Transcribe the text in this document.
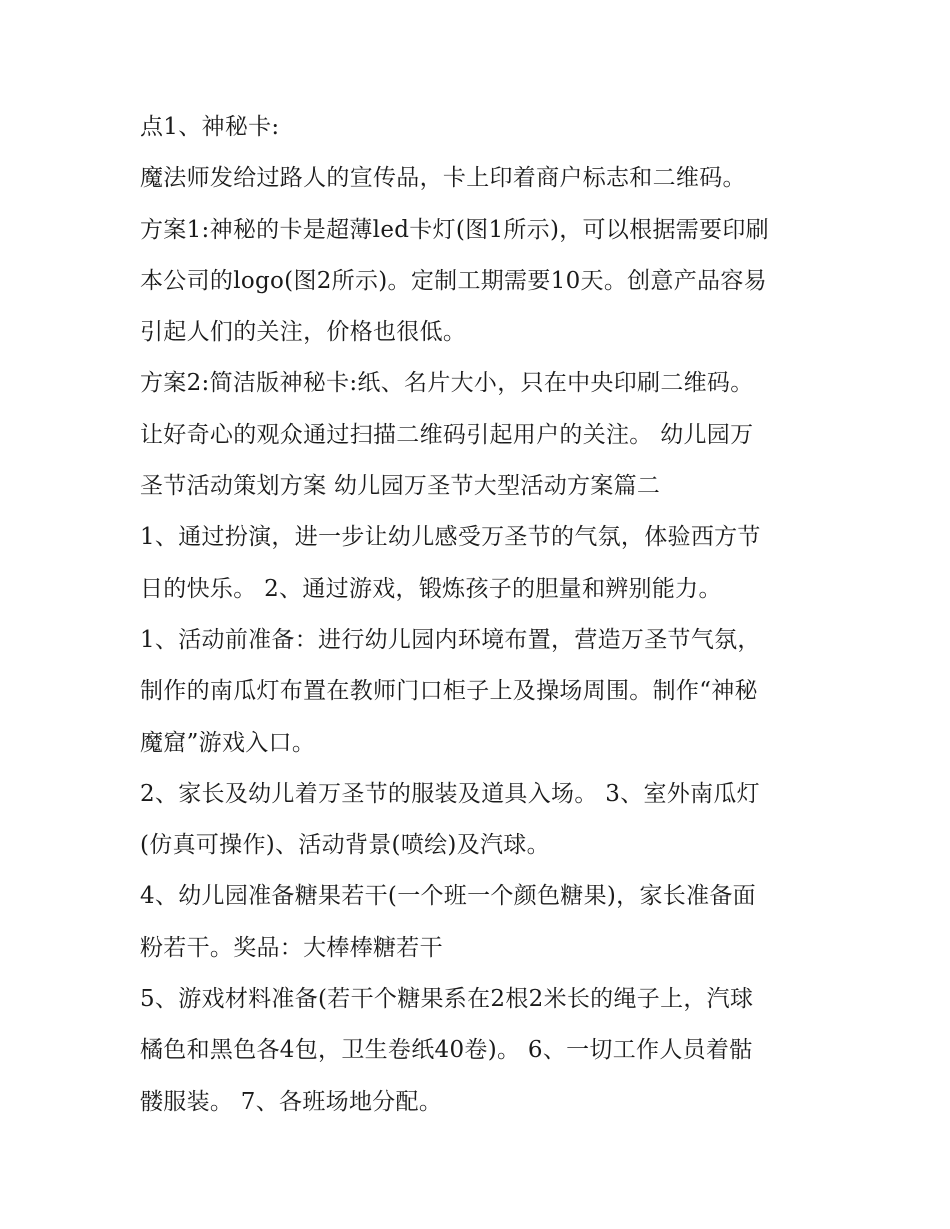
点1、神秘卡:

魔法师发给过路人的宣传品，卡上印着商户标志和二维码。

方案1:神秘的卡是超薄led卡灯(图1所示)，可以根据需要印刷
本公司的logo(图2所示)。定制工期需要10天。创意产品容易
引起人们的关注，价格也很低。

方案2:简洁版神秘卡:纸、名片大小，只在中央印刷二维码。
让好奇心的观众通过扫描二维码引起用户的关注。 幼儿园万
圣节活动策划方案 幼儿园万圣节大型活动方案篇二

1、通过扮演，进一步让幼儿感受万圣节的气氛，体验西方节
日的快乐。 2、通过游戏，锻炼孩子的胆量和辨别能力。

1、活动前准备：进行幼儿园内环境布置，营造万圣节气氛，
制作的南瓜灯布置在教师门口柜子上及操场周围。制作“神秘
魔窟”游戏入口。

2、家长及幼儿着万圣节的服装及道具入场。 3、室外南瓜灯
(仿真可操作)、活动背景(喷绘)及汽球。

4、幼儿园准备糖果若干(一个班一个颜色糖果)，家长准备面
粉若干。奖品：大棒棒糖若干

5、游戏材料准备(若干个糖果系在2根2米长的绳子上，汽球
橘色和黑色各4包，卫生卷纸40卷)。 6、一切工作人员着骷
髅服装。 7、各班场地分配。
